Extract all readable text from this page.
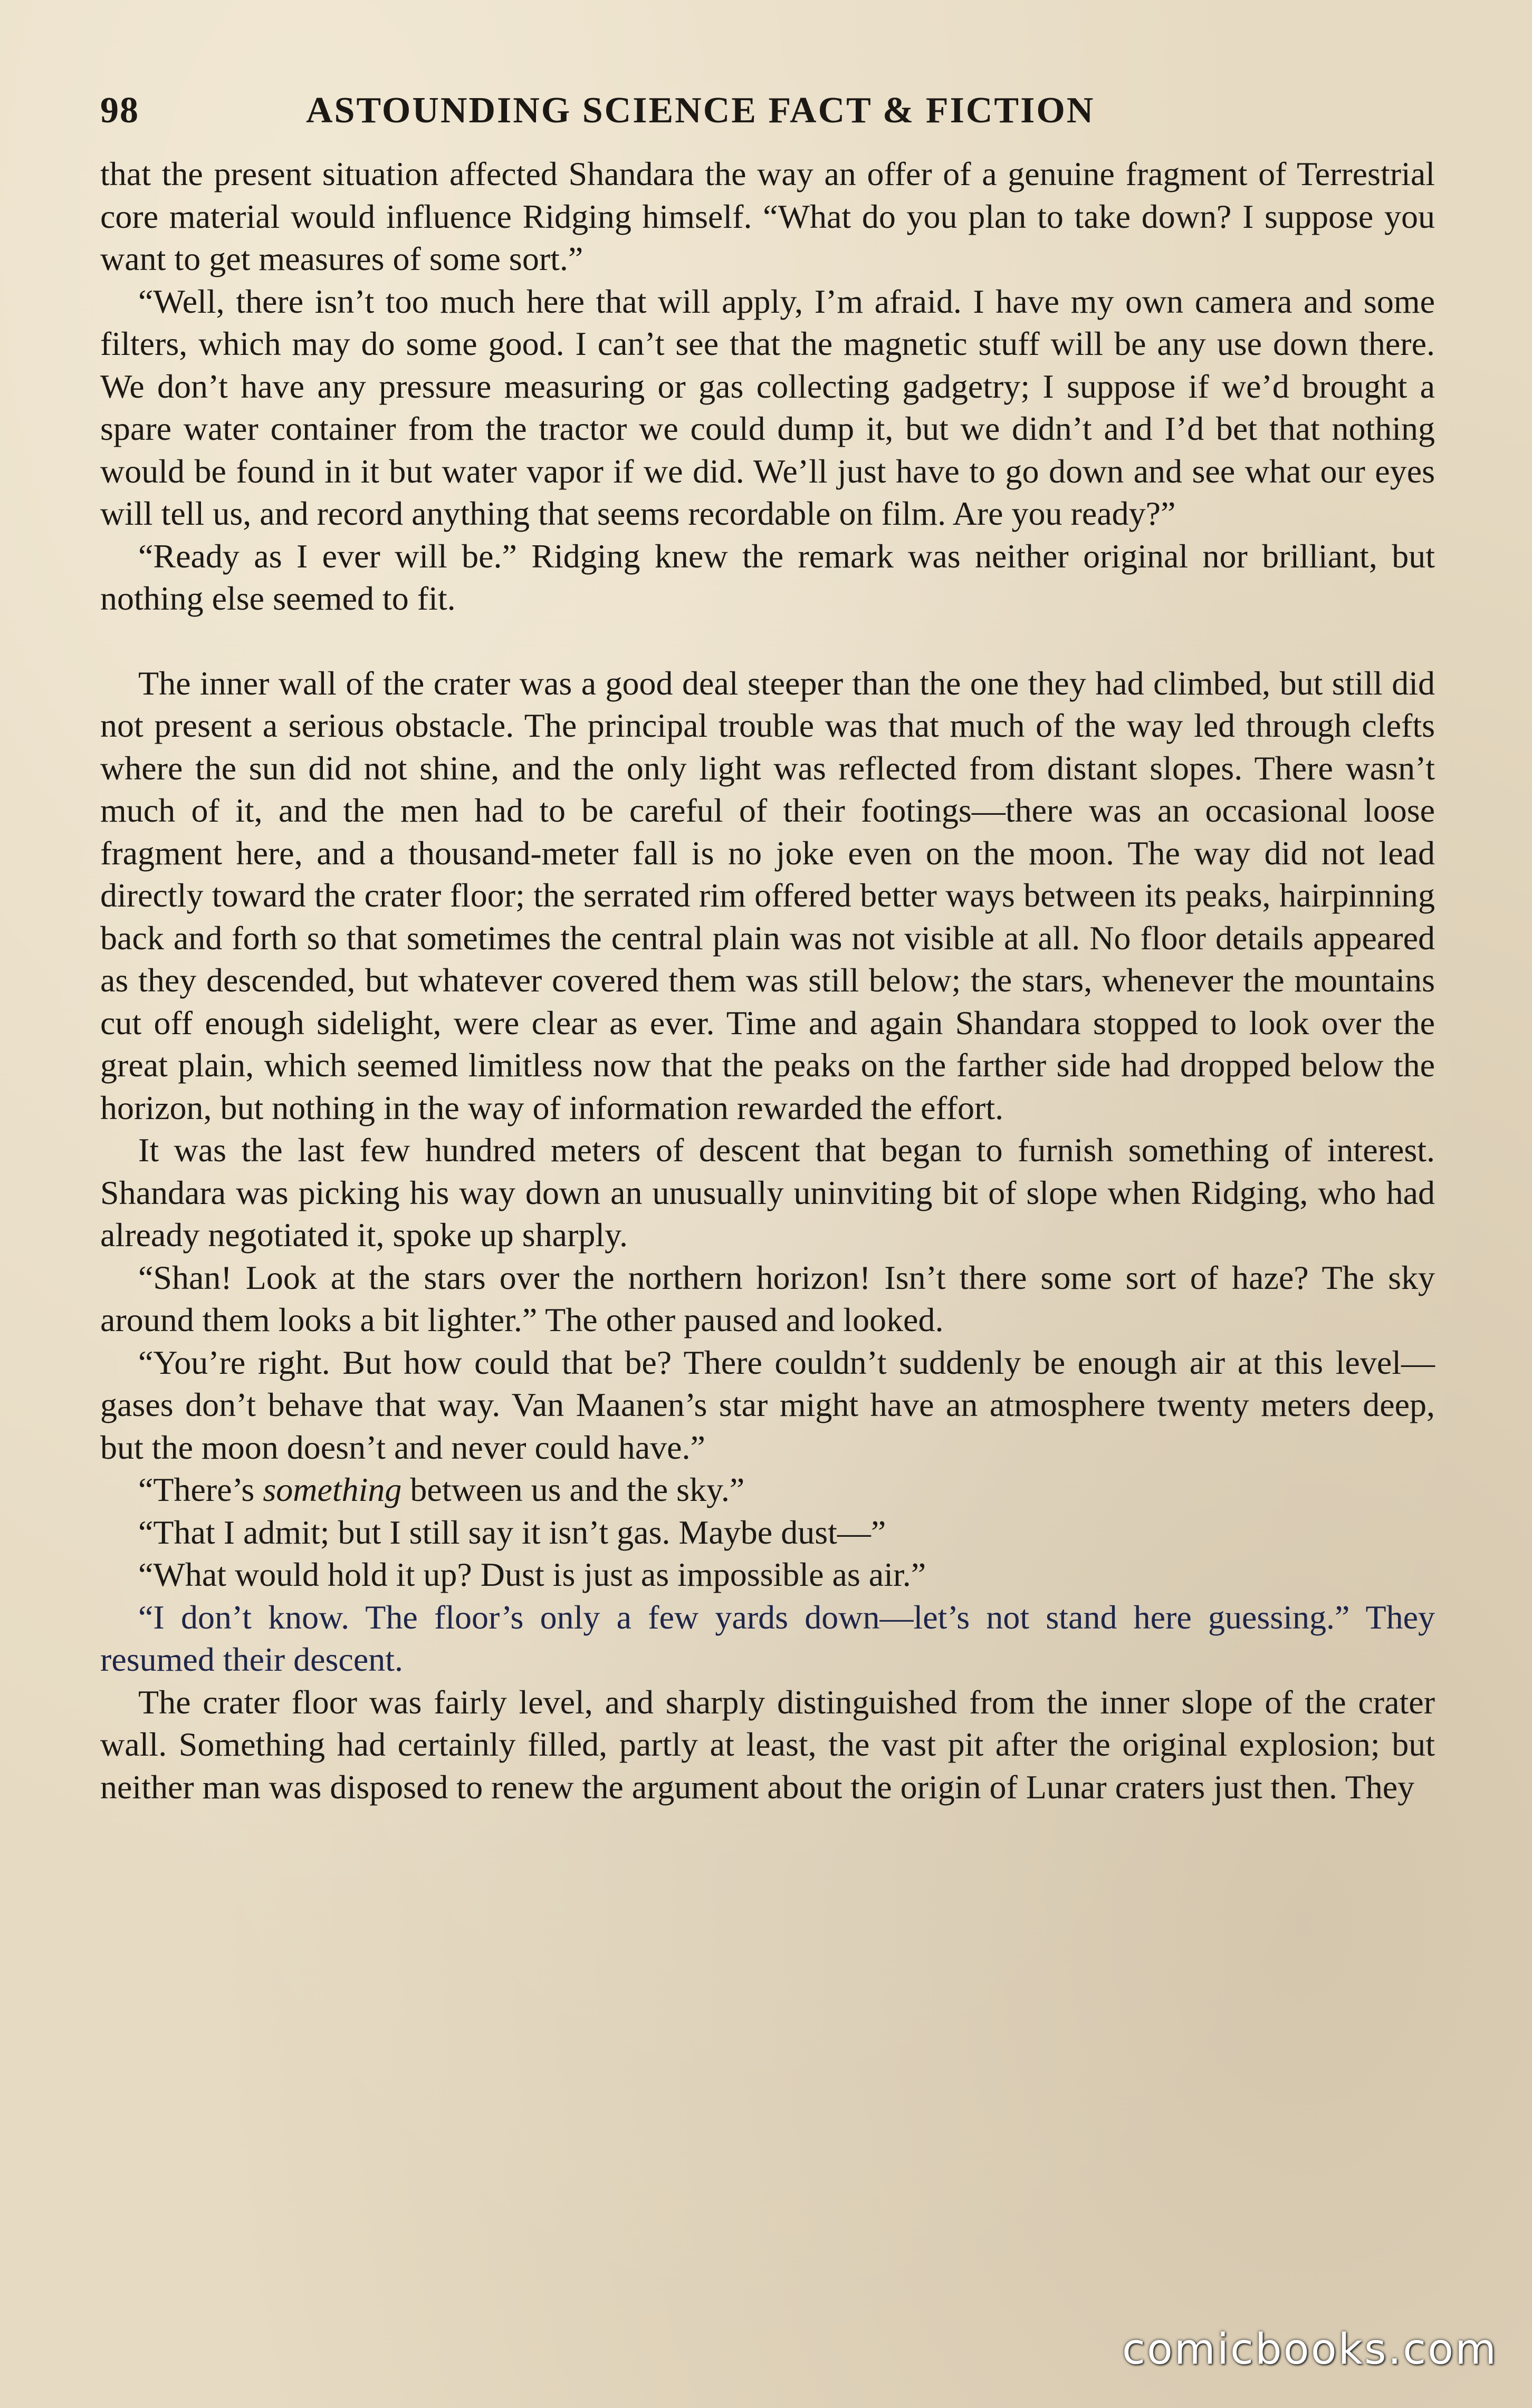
98	ASTOUNDING SCIENCE FACT & FICTION

that the present situation affected Shandara the way an offer of a genuine fragment of Terrestrial core material would influence Ridging himself. “What do you plan to take down? I suppose you want to get measures of some sort.”

“Well, there isn’t too much here that will apply, I’m afraid. I have my own camera and some filters, which may do some good. I can’t see that the magnetic stuff will be any use down there. We don’t have any pressure measuring or gas collecting gadgetry; I suppose if we’d brought a spare water container from the tractor we could dump it, but we didn’t and I’d bet that nothing would be found in it but water vapor if we did. We’ll just have to go down and see what our eyes will tell us, and record anything that seems recordable on film. Are you ready?”

“Ready as I ever will be.” Ridging knew the remark was neither original nor brilliant, but nothing else seemed to fit.

The inner wall of the crater was a good deal steeper than the one they had climbed, but still did not present a serious obstacle. The principal trouble was that much of the way led through clefts where the sun did not shine, and the only light was reflected from distant slopes. There wasn’t much of it, and the men had to be careful of their footings—there was an occasional loose fragment here, and a thousand-meter fall is no joke even on the moon. The way did not lead directly toward the crater floor; the serrated rim offered better ways between its peaks, hairpinning back and forth so that sometimes the central plain was not visible at all. No floor details appeared as they descended, but whatever covered them was still below; the stars, whenever the mountains cut off enough sidelight, were clear as ever. Time and again Shandara stopped to look over the great plain, which seemed limitless now that the peaks on the farther side had dropped below the horizon, but nothing in the way of information rewarded the effort.

It was the last few hundred meters of descent that began to furnish something of interest. Shandara was picking his way down an unusually uninviting bit of slope when Ridging, who had already negotiated it, spoke up sharply.

“Shan! Look at the stars over the northern horizon! Isn’t there some sort of haze? The sky around them looks a bit lighter.” The other paused and looked.

“You’re right. But how could that be? There couldn’t suddenly be enough air at this level—gases don’t behave that way. Van Maanen’s star might have an atmosphere twenty meters deep, but the moon doesn’t and never could have.”

“There’s something between us and the sky.”

“That I admit; but I still say it isn’t gas. Maybe dust—”

“What would hold it up? Dust is just as impossible as air.”

“I don’t know. The floor’s only a few yards down—let’s not stand here guessing.” They resumed their descent.

The crater floor was fairly level, and sharply distinguished from the inner slope of the crater wall. Something had certainly filled, partly at least, the vast pit after the original explosion; but neither man was disposed to renew the argument about the origin of Lunar craters just then. They

comicbooks.com
